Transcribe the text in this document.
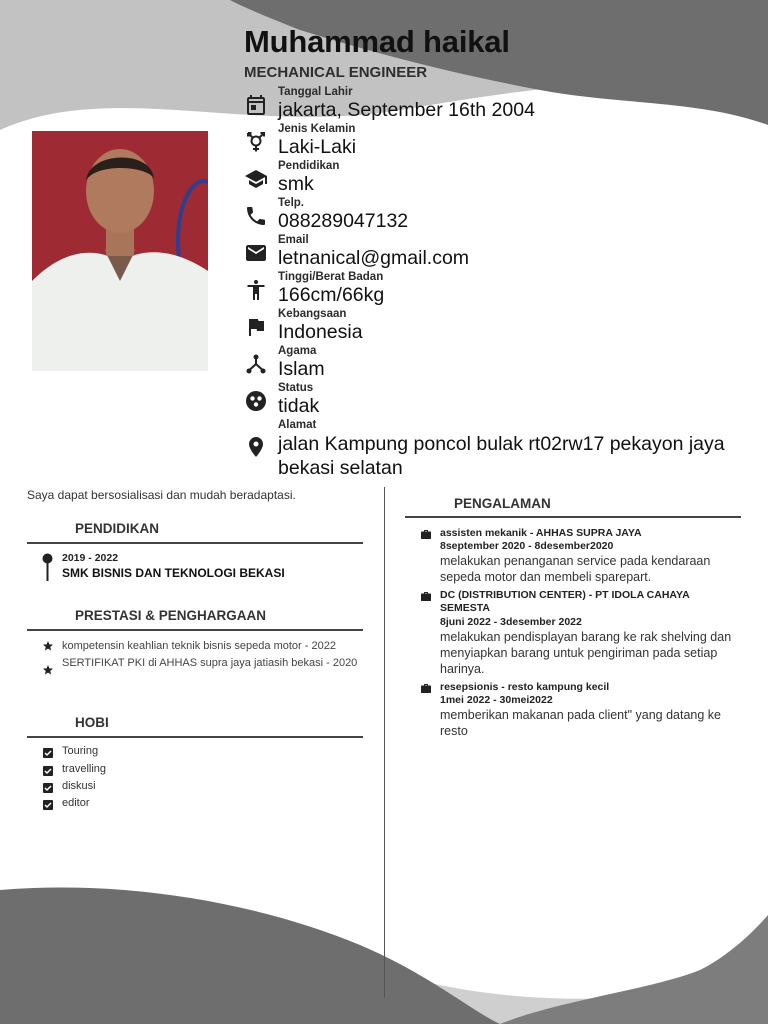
Muhammad haikal
MECHANICAL ENGINEER
Tanggal Lahir
jakarta, September 16th 2004
Jenis Kelamin
Laki-Laki
Pendidikan
smk
Telp.
088289047132
Email
letnanical@gmail.com
Tinggi/Berat Badan
166cm/66kg
Kebangsaan
Indonesia
Agama
Islam
Status
tidak
Alamat
jalan Kampung poncol bulak rt02rw17 pekayon jaya bekasi selatan
Saya dapat bersosialisasi dan mudah beradaptasi.
PENDIDIKAN
2019 - 2022
SMK BISNIS DAN TEKNOLOGI BEKASI
PRESTASI & PENGHARGAAN
kompetensin keahlian teknik bisnis sepeda motor - 2022
SERTIFIKAT PKI di AHHAS supra jaya jatiasih bekasi - 2020
HOBI
Touring
travelling
diskusi
editor
PENGALAMAN
assisten mekanik - AHHAS SUPRA JAYA
8september 2020 - 8desember2020
melakukan penanganan service pada kendaraan sepeda motor dan membeli sparepart.
DC (DISTRIBUTION CENTER) - PT IDOLA CAHAYA SEMESTA
8juni 2022 - 3desember 2022
melakukan pendisplayan barang ke rak shelving dan menyiapkan barang untuk pengiriman pada setiap harinya.
resepsionis - resto kampung kecil
1mei 2022 - 30mei2022
memberikan makanan pada client" yang datang ke resto
